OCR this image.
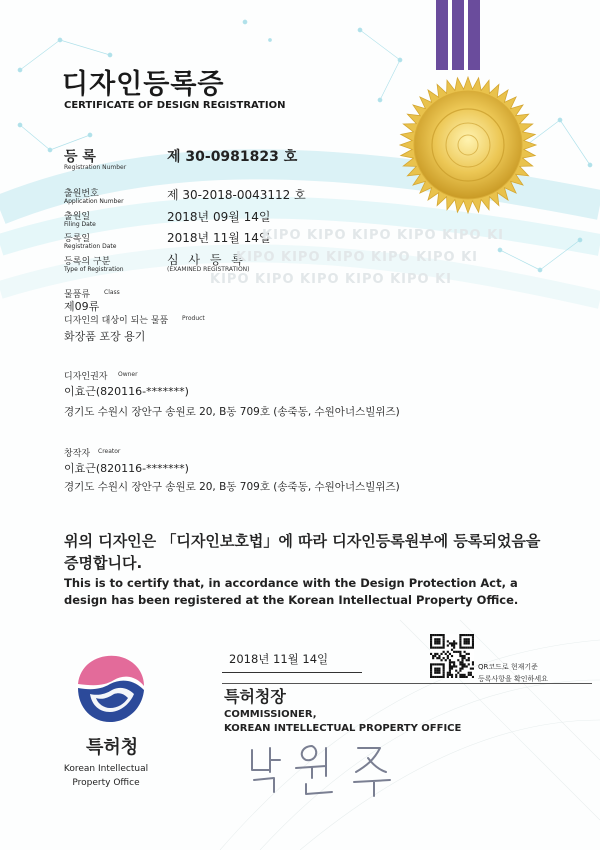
디자인등록증
CERTIFICATE OF DESIGN REGISTRATION
등 록
Registration Number
제 30-0981823 호
출원번호
Application Number	제 30-2018-0043112 호
출원일
Filing Date
2018년 09월 14일
등록일
Registration Date
2018년 11월 14일
등록의 구분
Type of Registration
심 사 등 록
(EXAMINED REGISTRATION)
KIPO KIPO KIPO KIPO KIPO KI
KIPO KIPO KIPO KIPO KIPO KI
KIPO KIPO KIPO KIPO KIPO KI
물품류 Class
제09류
디자인의 대상이 되는 물품 Product
화장품 포장 용기
디자인권자 Owner
이효근(820116-*******)
경기도 수원시 장안구 송원로 20, B동 709호 (송죽동, 수원아너스빌위즈)
창작자 Creator
이효근(820116-*******)
경기도 수원시 장안구 송원로 20, B동 709호 (송죽동, 수원아너스빌위즈)
위의 디자인은 「디자인보호법」에 따라 디자인등록원부에 등록되었음을 증명합니다.
This is to certify that, in accordance with the Design Protection Act, a design has been registered at the Korean Intellectual Property Office.
2018년 11월 14일
QR코드로 현재기준
등록사항을 확인하세요
특허청장
COMMISSIONER,
KOREAN INTELLECTUAL PROPERTY OFFICE
특허청
Korean Intellectual Property Office
